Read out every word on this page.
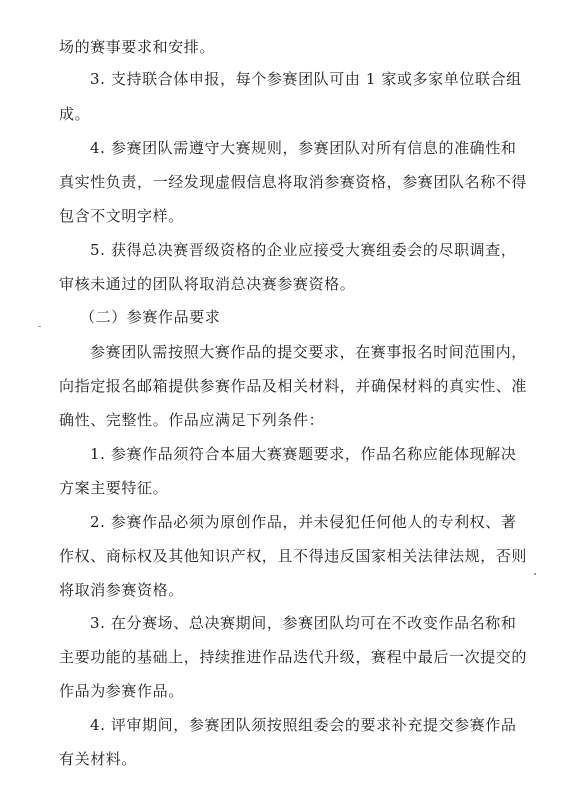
场的赛事要求和安排。
3. 支持联合体申报，每个参赛团队可由 1 家或多家单位联合组
成。
4. 参赛团队需遵守大赛规则，参赛团队对所有信息的准确性和
真实性负责，一经发现虚假信息将取消参赛资格，参赛团队名称不得
包含不文明字样。
5. 获得总决赛晋级资格的企业应接受大赛组委会的尽职调查，
审核未通过的团队将取消总决赛参赛资格。
（二）参赛作品要求
参赛团队需按照大赛作品的提交要求，在赛事报名时间范围内，
向指定报名邮箱提供参赛作品及相关材料，并确保材料的真实性、准
确性、完整性。作品应满足下列条件：
1. 参赛作品须符合本届大赛赛题要求，作品名称应能体现解决
方案主要特征。
2. 参赛作品必须为原创作品，并未侵犯任何他人的专利权、著
作权、商标权及其他知识产权，且不得违反国家相关法律法规，否则
将取消参赛资格。
3. 在分赛场、总决赛期间，参赛团队均可在不改变作品名称和
主要功能的基础上，持续推进作品迭代升级，赛程中最后一次提交的
作品为参赛作品。
4. 评审期间，参赛团队须按照组委会的要求补充提交参赛作品
有关材料。
